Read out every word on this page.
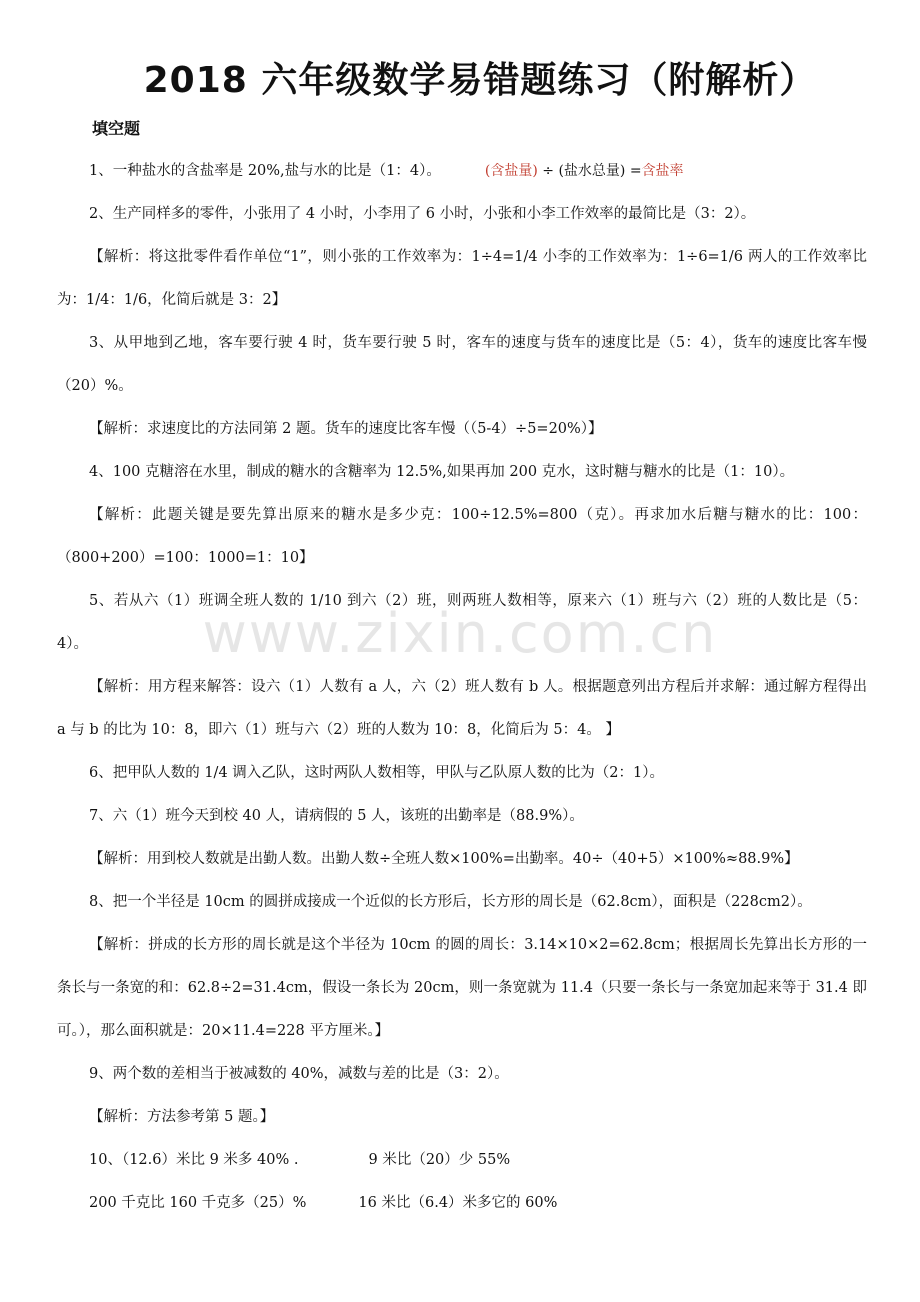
2018 六年级数学易错题练习（附解析）
填空题

1、一种盐水的含盐率是 20%,盐与水的比是（1：4）。	(含盐量) ÷ (盐水总量) =含盐率

2、生产同样多的零件，小张用了 4 小时，小李用了 6 小时，小张和小李工作效率的最简比是（3：2）。

【解析：将这批零件看作单位“1”，则小张的工作效率为：1÷4=1/4 小李的工作效率为：1÷6=1/6 两人的工作效率比为：1/4：1/6，化简后就是 3：2】

3、从甲地到乙地，客车要行驶 4 时，货车要行驶 5 时，客车的速度与货车的速度比是（5：4），货车的速度比客车慢（20）%。

【解析：求速度比的方法同第 2 题。货车的速度比客车慢（（5-4）÷5=20%）】

4、100 克糖溶在水里，制成的糖水的含糖率为 12.5%,如果再加 200 克水，这时糖与糖水的比是（1：10）。

【解析：此题关键是要先算出原来的糖水是多少克：100÷12.5%=800（克）。再求加水后糖与糖水的比：100：（800+200）=100：1000=1：10】

5、若从六（1）班调全班人数的 1/10 到六（2）班，则两班人数相等，原来六（1）班与六（2）班的人数比是（5：4）。

【解析：用方程来解答：设六（1）人数有 a 人，六（2）班人数有 b 人。根据题意列出方程后并求解：通过解方程得出 a 与 b 的比为 10：8，即六（1）班与六（2）班的人数为 10：8，化简后为 5：4。 】

6、把甲队人数的 1/4 调入乙队，这时两队人数相等，甲队与乙队原人数的比为（2：1）。

7、六（1）班今天到校 40 人，请病假的 5 人，该班的出勤率是（88.9%）。

【解析：用到校人数就是出勤人数。出勤人数÷全班人数×100%=出勤率。40÷（40+5）×100%≈88.9%】

8、把一个半径是 10cm 的圆拼成接成一个近似的长方形后，长方形的周长是（62.8cm），面积是（228cm2）。

【解析：拼成的长方形的周长就是这个半径为 10cm 的圆的周长：3.14×10×2=62.8cm；根据周长先算出长方形的一条长与一条宽的和：62.8÷2=31.4cm，假设一条长为 20cm，则一条宽就为 11.4（只要一条长与一条宽加起来等于 31.4 即可。），那么面积就是：20×11.4=228 平方厘米。】

9、两个数的差相当于被减数的 40%，减数与差的比是（3：2）。

【解析：方法参考第 5 题。】

10、（12.6）米比 9 米多 40% .	9 米比（20）少 55%

200 千克比 160 千克多（25）%	16 米比（6.4）米多它的 60%

www.zixin.com.cn
